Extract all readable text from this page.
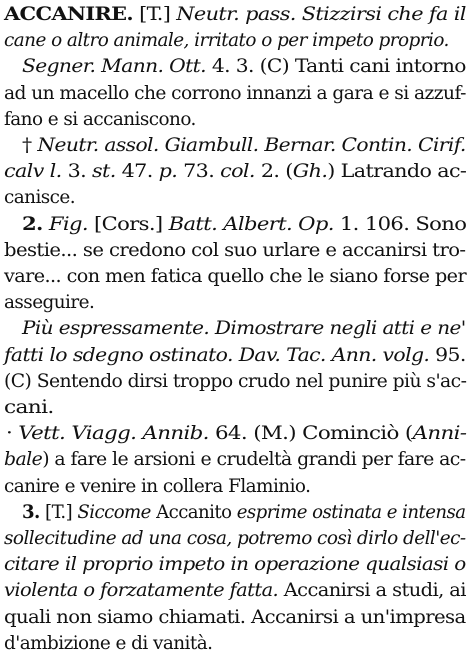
ACCANIRE. [T.] Neutr. pass. Stizzirsi che fa il
cane o altro animale, irritato o per impeto proprio.
Segner. Mann. Ott. 4. 3. (C) Tanti cani intorno
ad un macello che corrono innanzi a gara e si azzuf-
fano e si accaniscono.
† Neutr. assol. Giambull. Bernar. Contin. Cirif.
calv l. 3. st. 47. p. 73. col. 2. (Gh.) Latrando ac-
canisce.
2. Fig. [Cors.] Batt. Albert. Op. 1. 106. Sono
bestie... se credono col suo urlare e accanirsi tro-
vare... con men fatica quello che le siano forse per
asseguire.
Più espressamente. Dimostrare negli atti e ne'
fatti lo sdegno ostinato. Dav. Tac. Ann. volg. 95.
(C) Sentendo dirsi troppo crudo nel punire più s'ac-
cani.
· Vett. Viagg. Annib. 64. (M.) Cominciò (Anni-
bale) a fare le arsioni e crudeltà grandi per fare ac-
canire e venire in collera Flaminio.
3. [T.] Siccome Accanito esprime ostinata e intensa
sollecitudine ad una cosa, potremo così dirlo dell'ec-
citare il proprio impeto in operazione qualsiasi o
violenta o forzatamente fatta. Accanirsi a studi, ai
quali non siamo chiamati. Accanirsi a un'impresa
d'ambizione e di vanità.
